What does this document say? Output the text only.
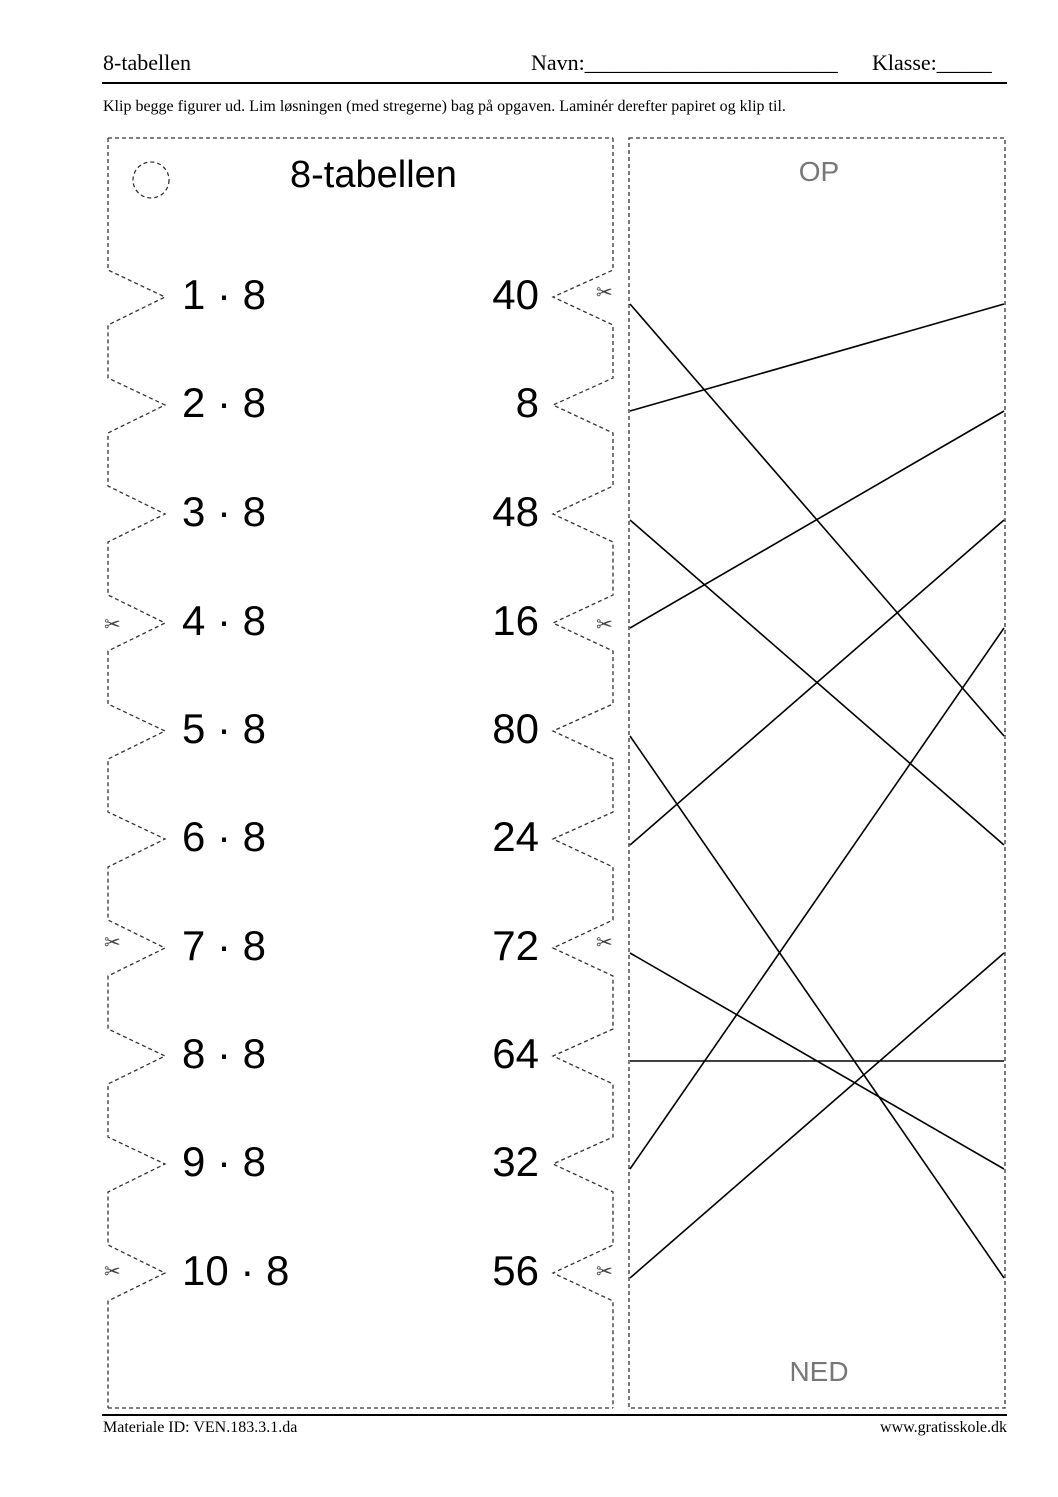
8-tabellen	Navn:_______________________ Klasse:_____
Klip begge figurer ud. Lim løsningen (med stregerne) bag på opgaven. Laminér derefter papiret og klip til.
8-tabellen
1 · 8
2 · 8
3 · 8
4 · 8
5 · 8
6 · 8
7 · 8
8 · 8
9 · 8
10 · 8
40
8
48
16
80
24
72
64
32
56
✂
✂
✂
✂
✂
✂
✂
OP
NED
Materiale ID: VEN.183.3.1.da	www.gratisskole.dk
